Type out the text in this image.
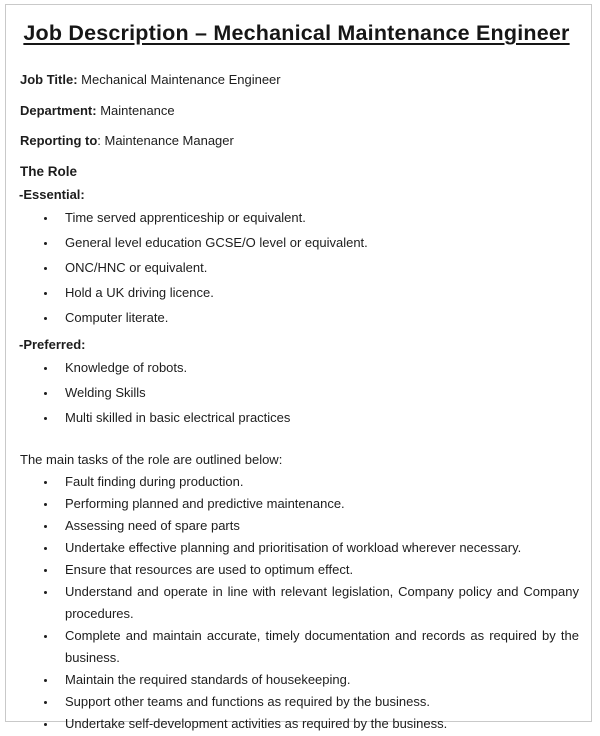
Job Description – Mechanical Maintenance Engineer

Job Title: Mechanical Maintenance Engineer

Department: Maintenance

Reporting to: Maintenance Manager

The Role
-Essential:
• Time served apprenticeship or equivalent.
• General level education GCSE/O level or equivalent.
• ONC/HNC or equivalent.
• Hold a UK driving licence.
• Computer literate.
-Preferred:
• Knowledge of robots.
• Welding Skills
• Multi skilled in basic electrical practices

The main tasks of the role are outlined below:

• Fault finding during production.
• Performing planned and predictive maintenance.
• Assessing need of spare parts
• Undertake effective planning and prioritisation of workload wherever necessary.
• Ensure that resources are used to optimum effect.
• Understand and operate in line with relevant legislation, Company policy and Company procedures.
• Complete and maintain accurate, timely documentation and records as required by the business.
• Maintain the required standards of housekeeping.
• Support other teams and functions as required by the business.
• Undertake self-development activities as required by the business.
